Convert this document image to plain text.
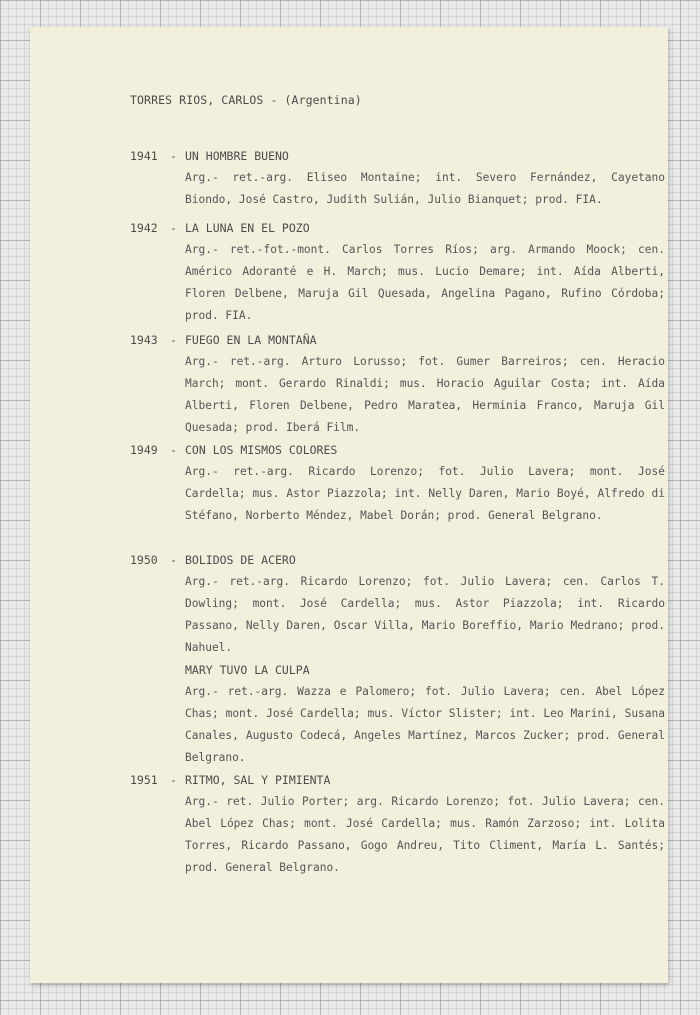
TORRES RIOS, CARLOS - (Argentina)
1941	- UN HOMBRE BUENO
Arg.- ret.-arg. Eliseo Montaine; int. Severo Fernández, Cayetano Biondo, José Castro, Judith Sulián, Julio Bianquet; prod. FIA.
1942	- LA LUNA EN EL POZO
Arg.- ret.-fot.-mont. Carlos Torres Ríos; arg. Armando Moock; cen. Américo Adoranté e H. March; mus. Lucio Demare; int. Aída Alberti, Floren Delbene, Maruja Gil Quesada, Angelina Pagano, Rufino Córdoba; prod. FIA.
1943	- FUEGO EN LA MONTAÑA
Arg.- ret.-arg. Arturo Lorusso; fot. Gumer Barreiros; cen. Heracio March; mont. Gerardo Rinaldi; mus. Horacio Aguilar Costa; int. Aída Alberti, Floren Delbene, Pedro Maratea, Herminia Franco, Maruja Gil Quesada; prod. Iberá Film.
1949	- CON LOS MISMOS COLORES
Arg.- ret.-arg. Ricardo Lorenzo; fot. Julio Lavera; mont. José Cardella; mus. Astor Piazzola; int. Nelly Daren, Mario Boyé, Alfredo di Stéfano, Norberto Méndez, Mabel Dorán; prod. General Belgrano.
1950	- BOLIDOS DE ACERO
Arg.- ret.-arg. Ricardo Lorenzo; fot. Julio Lavera; cen. Carlos T. Dowling; mont. José Cardella; mus. Astor Piazzola; int. Ricardo Passano, Nelly Daren, Oscar Villa, Mario Boreffio, Mario Medrano; prod. Nahuel.
MARY TUVO LA CULPA
Arg.- ret.-arg. Wazza e Palomero; fot. Julio Lavera; cen. Abel López Chas; mont. José Cardella; mus. Víctor Slister; int. Leo Marini, Susana Canales, Augusto Codecá, Angeles Martínez, Marcos Zucker; prod. General Belgrano.
1951	- RITMO, SAL Y PIMIENTA
Arg.- ret. Julio Porter; arg. Ricardo Lorenzo; fot. Julio Lavera; cen. Abel López Chas; mont. José Cardella; mus. Ramón Zarzoso; int. Lolita Torres, Ricardo Passano, Gogo Andreu, Tito Climent, María L. Santés; prod. General Belgrano.
